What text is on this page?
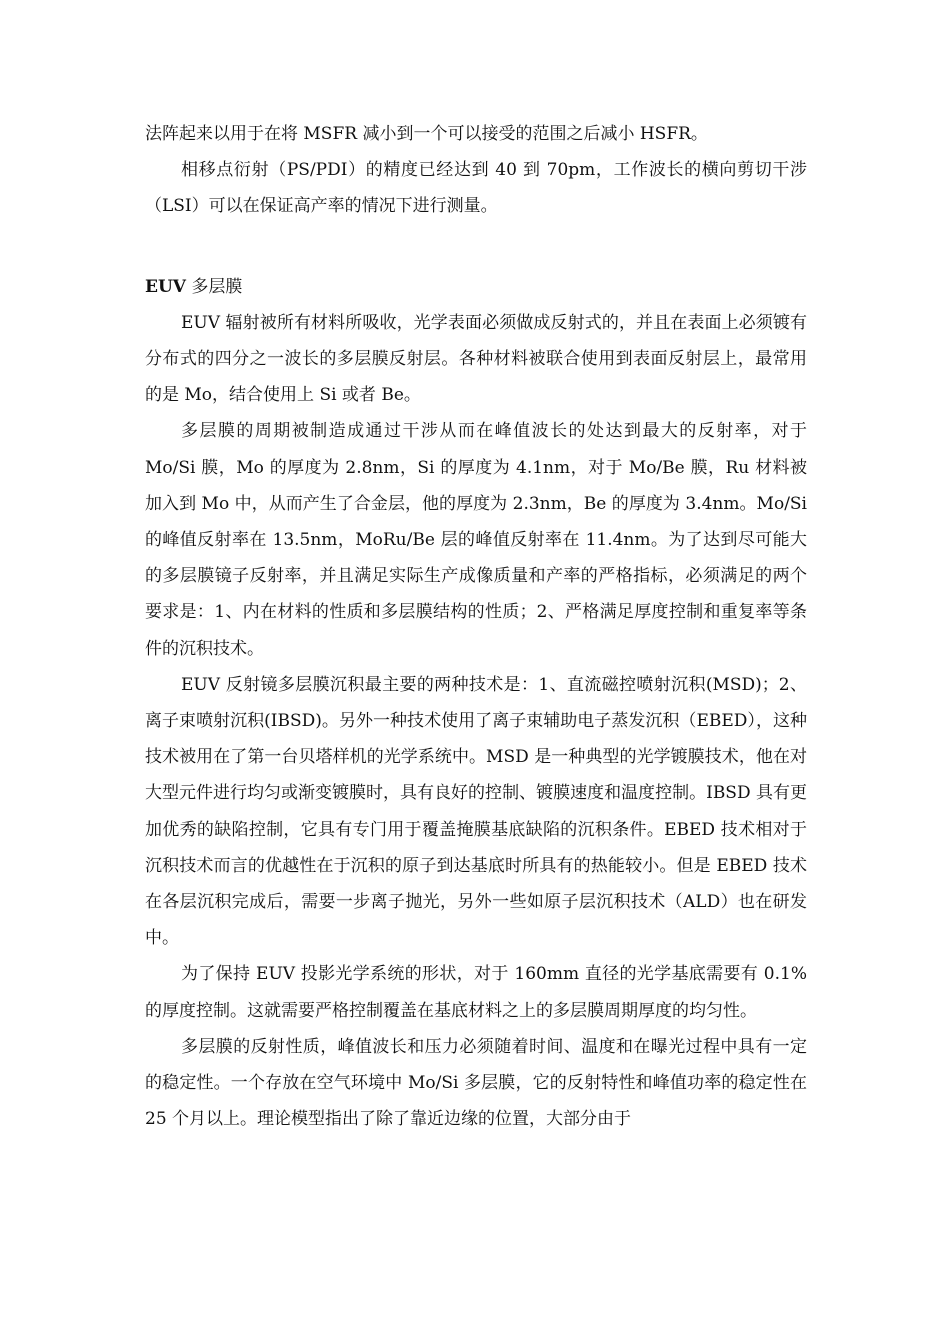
法阵起来以用于在将 MSFR 减小到一个可以接受的范围之后减小 HSFR。

相移点衍射（PS/PDI）的精度已经达到 40 到 70pm，工作波长的横向剪切干涉（LSI）可以在保证高产率的情况下进行测量。

EUV 多层膜

EUV 辐射被所有材料所吸收，光学表面必须做成反射式的，并且在表面上必须镀有分布式的四分之一波长的多层膜反射层。各种材料被联合使用到表面反射层上，最常用的是 Mo，结合使用上 Si 或者 Be。

多层膜的周期被制造成通过干涉从而在峰值波长的处达到最大的反射率，对于 Mo/Si 膜，Mo 的厚度为 2.8nm，Si 的厚度为 4.1nm，对于 Mo/Be 膜，Ru 材料被加入到 Mo 中，从而产生了合金层，他的厚度为 2.3nm，Be 的厚度为 3.4nm。Mo/Si 的峰值反射率在 13.5nm，MoRu/Be 层的峰值反射率在 11.4nm。为了达到尽可能大的多层膜镜子反射率，并且满足实际生产成像质量和产率的严格指标，必须满足的两个要求是：1、内在材料的性质和多层膜结构的性质；2、严格满足厚度控制和重复率等条件的沉积技术。

EUV 反射镜多层膜沉积最主要的两种技术是：1、直流磁控喷射沉积(MSD)；2、离子束喷射沉积(IBSD)。另外一种技术使用了离子束辅助电子蒸发沉积（EBED），这种技术被用在了第一台贝塔样机的光学系统中。MSD 是一种典型的光学镀膜技术，他在对大型元件进行均匀或渐变镀膜时，具有良好的控制、镀膜速度和温度控制。IBSD 具有更加优秀的缺陷控制，它具有专门用于覆盖掩膜基底缺陷的沉积条件。EBED 技术相对于沉积技术而言的优越性在于沉积的原子到达基底时所具有的热能较小。但是 EBED 技术在各层沉积完成后，需要一步离子抛光，另外一些如原子层沉积技术（ALD）也在研发中。

为了保持 EUV 投影光学系统的形状，对于 160mm 直径的光学基底需要有 0.1%的厚度控制。这就需要严格控制覆盖在基底材料之上的多层膜周期厚度的均匀性。

多层膜的反射性质，峰值波长和压力必须随着时间、温度和在曝光过程中具有一定的稳定性。一个存放在空气环境中 Mo/Si 多层膜，它的反射特性和峰值功率的稳定性在 25 个月以上。理论模型指出了除了靠近边缘的位置，大部分由于
